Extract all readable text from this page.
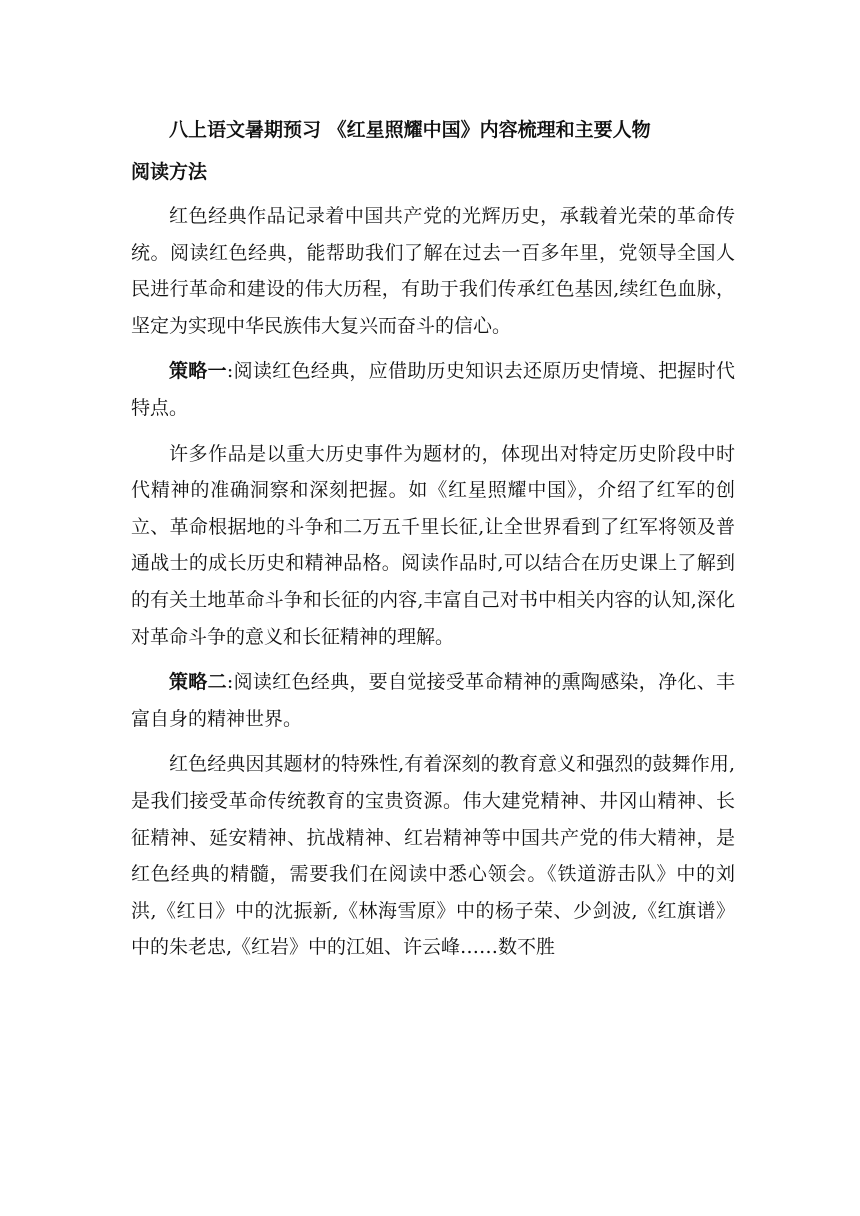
八上语文暑期预习 《红星照耀中国》内容梳理和主要人物
阅读方法

红色经典作品记录着中国共产党的光辉历史，承载着光荣的革命传统。阅读红色经典，能帮助我们了解在过去一百多年里，党领导全国人民进行革命和建设的伟大历程，有助于我们传承红色基因,续红色血脉，坚定为实现中华民族伟大复兴而奋斗的信心。

策略一:阅读红色经典，应借助历史知识去还原历史情境、把握时代特点。

许多作品是以重大历史事件为题材的，体现出对特定历史阶段中时代精神的准确洞察和深刻把握。如《红星照耀中国》，介绍了红军的创立、革命根据地的斗争和二万五千里长征,让全世界看到了红军将领及普通战士的成长历史和精神品格。阅读作品时,可以结合在历史课上了解到的有关土地革命斗争和长征的内容,丰富自己对书中相关内容的认知,深化对革命斗争的意义和长征精神的理解。

策略二:阅读红色经典，要自觉接受革命精神的熏陶感染，净化、丰富自身的精神世界。

红色经典因其题材的特殊性,有着深刻的教育意义和强烈的鼓舞作用,是我们接受革命传统教育的宝贵资源。伟大建党精神、井冈山精神、长征精神、延安精神、抗战精神、红岩精神等中国共产党的伟大精神，是红色经典的精髓，需要我们在阅读中悉心领会。《铁道游击队》中的刘洪,《红日》中的沈振新,《林海雪原》中的杨子荣、少剑波,《红旗谱》中的朱老忠,《红岩》中的江姐、许云峰……数不胜
